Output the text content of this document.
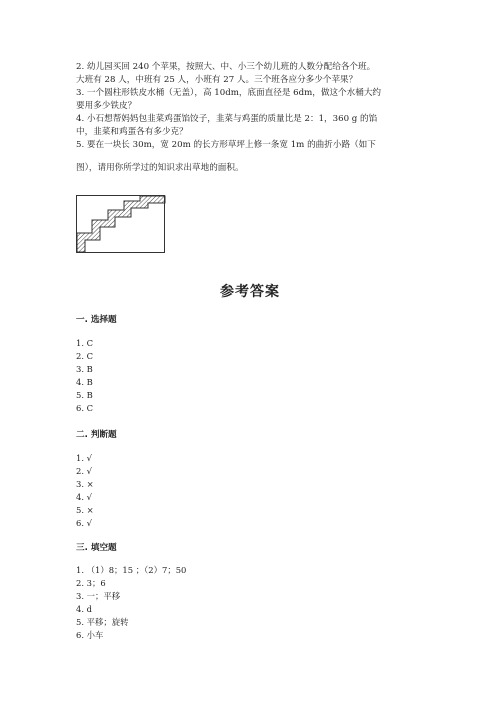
2. 幼儿园买回 240 个苹果，按照大、中、小三个幼儿班的人数分配给各个班。
大班有 28 人，中班有 25 人，小班有 27 人。三个班各应分多少个苹果？
3. 一个圆柱形铁皮水桶（无盖），高 10dm，底面直径是 6dm，做这个水桶大约
要用多少铁皮？
4. 小石想帮妈妈包韭菜鸡蛋馅饺子，韭菜与鸡蛋的质量比是 2：1，360 g 的馅
中，韭菜和鸡蛋各有多少克？
5. 要在一块长 30m，宽 20m 的长方形草坪上修一条宽 1m 的曲折小路（如下
图），请用你所学过的知识求出草地的面积。
参考答案
一. 选择题
1. C
2. C
3. B
4. B
5. B
6. C
二. 判断题
1. √
2. √
3. ×
4. √
5. ×
6. √
三. 填空题
1. （1）8；15 ；（2）7；50
2. 3；6
3. 一；平移
4. d
5. 平移；旋转
6. 小车
